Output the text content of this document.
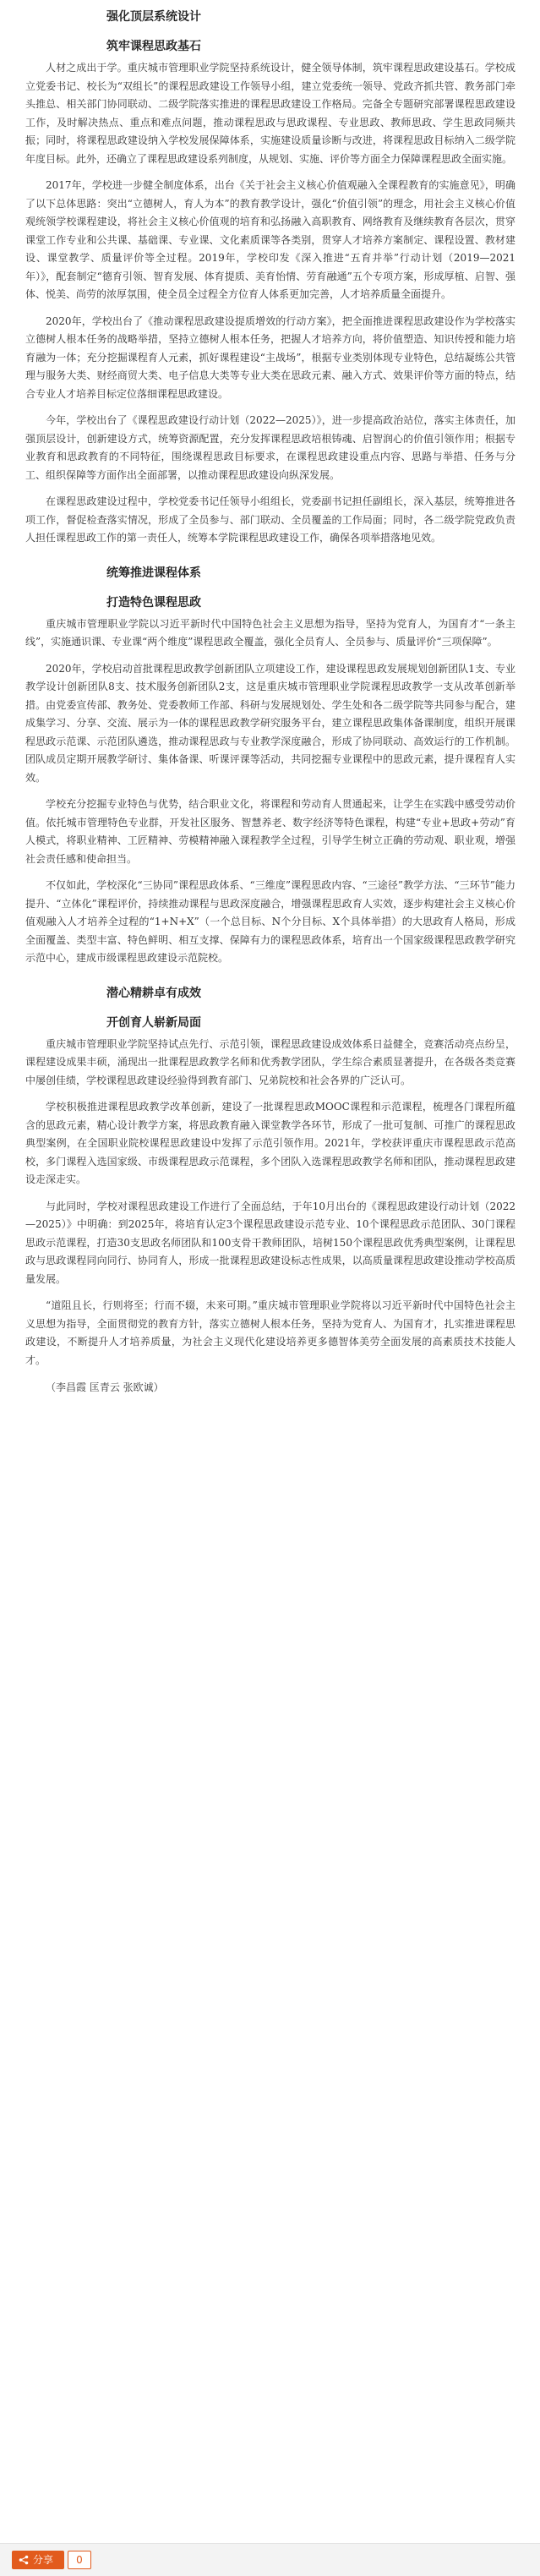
强化顶层系统设计
筑牢课程思政基石

人材之成出于学。重庆城市管理职业学院坚持系统设计，健全领导体制，筑牢课程思政建设基石。学校成立党委书记、校长为“双组长”的课程思政建设工作领导小组，建立党委统一领导、党政齐抓共管、教务部门牵头推总、相关部门协同联动、二级学院落实推进的课程思政建设工作格局。完备全专题研究部署课程思政建设工作，及时解决热点、重点和难点问题，推动课程思政与思政课程、专业思政、教师思政、学生思政同频共振；同时，将课程思政建设纳入学校发展保障体系，实施建设质量诊断与改进，将课程思政目标纳入二级学院年度目标。此外，还确立了课程思政建设系列制度，从规划、实施、评价等方面全力保障课程思政全面实施。

2017年，学校进一步健全制度体系，出台《关于社会主义核心价值观融入全课程教育的实施意见》，明确了以下总体思路：突出“立德树人，育人为本”的教育教学设计，强化“价值引领”的理念，用社会主义核心价值观统领学校课程建设，将社会主义核心价值观的培育和弘扬融入高职教育、网络教育及继续教育各层次，贯穿课堂工作专业和公共课、基础课、专业课、文化素质课等各类别，贯穿人才培养方案制定、课程设置、教材建设、课堂教学、质量评价等全过程。2019年，学校印发《深入推进“五育并举”行动计划（2019—2021年）》，配套制定“德育引领、智育发展、体育提质、美育怡情、劳育融通”五个专项方案，形成厚植、启智、强体、悦美、尚劳的浓厚氛围，使全员全过程全方位育人体系更加完善，人才培养质量全面提升。

2020年，学校出台了《推动课程思政建设提质增效的行动方案》，把全面推进课程思政建设作为学校落实立德树人根本任务的战略举措，坚持立德树人根本任务，把握人才培养方向，将价值塑造、知识传授和能力培育融为一体；充分挖掘课程育人元素，抓好课程建设“主战场”，根据专业类别体现专业特色，总结凝练公共管理与服务大类、财经商贸大类、电子信息大类等专业大类在思政元素、融入方式、效果评价等方面的特点，结合专业人才培养目标定位落细课程思政建设。

今年，学校出台了《课程思政建设行动计划（2022—2025）》，进一步提高政治站位，落实主体责任，加强顶层设计，创新建设方式，统筹资源配置，充分发挥课程思政培根铸魂、启智润心的价值引领作用；根据专业教育和思政教育的不同特征，围绕课程思政目标要求，在课程思政建设重点内容、思路与举措、任务与分工、组织保障等方面作出全面部署，以推动课程思政建设向纵深发展。

在课程思政建设过程中，学校党委书记任领导小组组长，党委副书记担任副组长，深入基层，统筹推进各项工作，督促检查落实情况，形成了全员参与、部门联动、全员覆盖的工作局面；同时，各二级学院党政负责人担任课程思政工作的第一责任人，统筹本学院课程思政建设工作，确保各项举措落地见效。

统筹推进课程体系
打造特色课程思政

重庆城市管理职业学院以习近平新时代中国特色社会主义思想为指导，坚持为党育人，为国育才“一条主线”，实施通识课、专业课“两个维度”课程思政全覆盖，强化全员育人、全员参与、质量评价“三项保障”。

2020年，学校启动首批课程思政教学创新团队立项建设工作，建设课程思政发展规划创新团队1支、专业教学设计创新团队8支、技术服务创新团队2支，这是重庆城市管理职业学院课程思政教学一支从改革创新举措。由党委宣传部、教务处、党委教师工作部、科研与发展规划处、学生处和各二级学院等共同参与配合，建成集学习、分享、交流、展示为一体的课程思政教学研究服务平台，建立课程思政集体备课制度，组织开展课程思政示范课、示范团队遴选，推动课程思政与专业教学深度融合，形成了协同联动、高效运行的工作机制。团队成员定期开展教学研讨、集体备课、听课评课等活动，共同挖掘专业课程中的思政元素，提升课程育人实效。

学校充分挖掘专业特色与优势，结合职业文化，将课程和劳动育人贯通起来，让学生在实践中感受劳动价值。依托城市管理特色专业群，开发社区服务、智慧养老、数字经济等特色课程，构建“专业+思政+劳动”育人模式，将职业精神、工匠精神、劳模精神融入课程教学全过程，引导学生树立正确的劳动观、职业观，增强社会责任感和使命担当。

不仅如此，学校深化“三协同”课程思政体系、“三维度”课程思政内容、“三途径”教学方法、“三环节”能力提升、“立体化”课程评价，持续推动课程与思政深度融合，增强课程思政育人实效，逐步构建社会主义核心价值观融入人才培养全过程的“1+N+X”（一个总目标、N个分目标、X个具体举措）的大思政育人格局，形成全面覆盖、类型丰富、特色鲜明、相互支撑、保障有力的课程思政体系，培育出一个国家级课程思政教学研究示范中心，建成市级课程思政建设示范院校。

潜心精耕卓有成效
开创育人崭新局面

重庆城市管理职业学院坚持试点先行、示范引领，课程思政建设成效体系日益健全，竞赛活动亮点纷呈，课程建设成果丰硕，涌现出一批课程思政教学名师和优秀教学团队，学生综合素质显著提升，在各级各类竞赛中屡创佳绩，学校课程思政建设经验得到教育部门、兄弟院校和社会各界的广泛认可。

学校积极推进课程思政教学改革创新，建设了一批课程思政MOOC课程和示范课程，梳理各门课程所蕴含的思政元素，精心设计教学方案，将思政教育融入课堂教学各环节，形成了一批可复制、可推广的课程思政典型案例，在全国职业院校课程思政建设中发挥了示范引领作用。2021年，学校获评重庆市课程思政示范高校，多门课程入选国家级、市级课程思政示范课程，多个团队入选课程思政教学名师和团队，推动课程思政建设走深走实。

与此同时，学校对课程思政建设工作进行了全面总结，于年10月出台的《课程思政建设行动计划（2022—2025）》中明确：到2025年，将培育认定3个课程思政建设示范专业、10个课程思政示范团队、30门课程思政示范课程，打造30支思政名师团队和100支骨干教师团队，培树150个课程思政优秀典型案例，让课程思政与思政课程同向同行、协同育人，形成一批课程思政建设标志性成果，以高质量课程思政建设推动学校高质量发展。

“道阻且长，行则将至；行而不辍，未来可期。”重庆城市管理职业学院将以习近平新时代中国特色社会主义思想为指导，全面贯彻党的教育方针，落实立德树人根本任务，坚持为党育人、为国育才，扎实推进课程思政建设，不断提升人才培养质量，为社会主义现代化建设培养更多德智体美劳全面发展的高素质技术技能人才。

（李昌霞 匡青云 张欧诚）

分享	0
